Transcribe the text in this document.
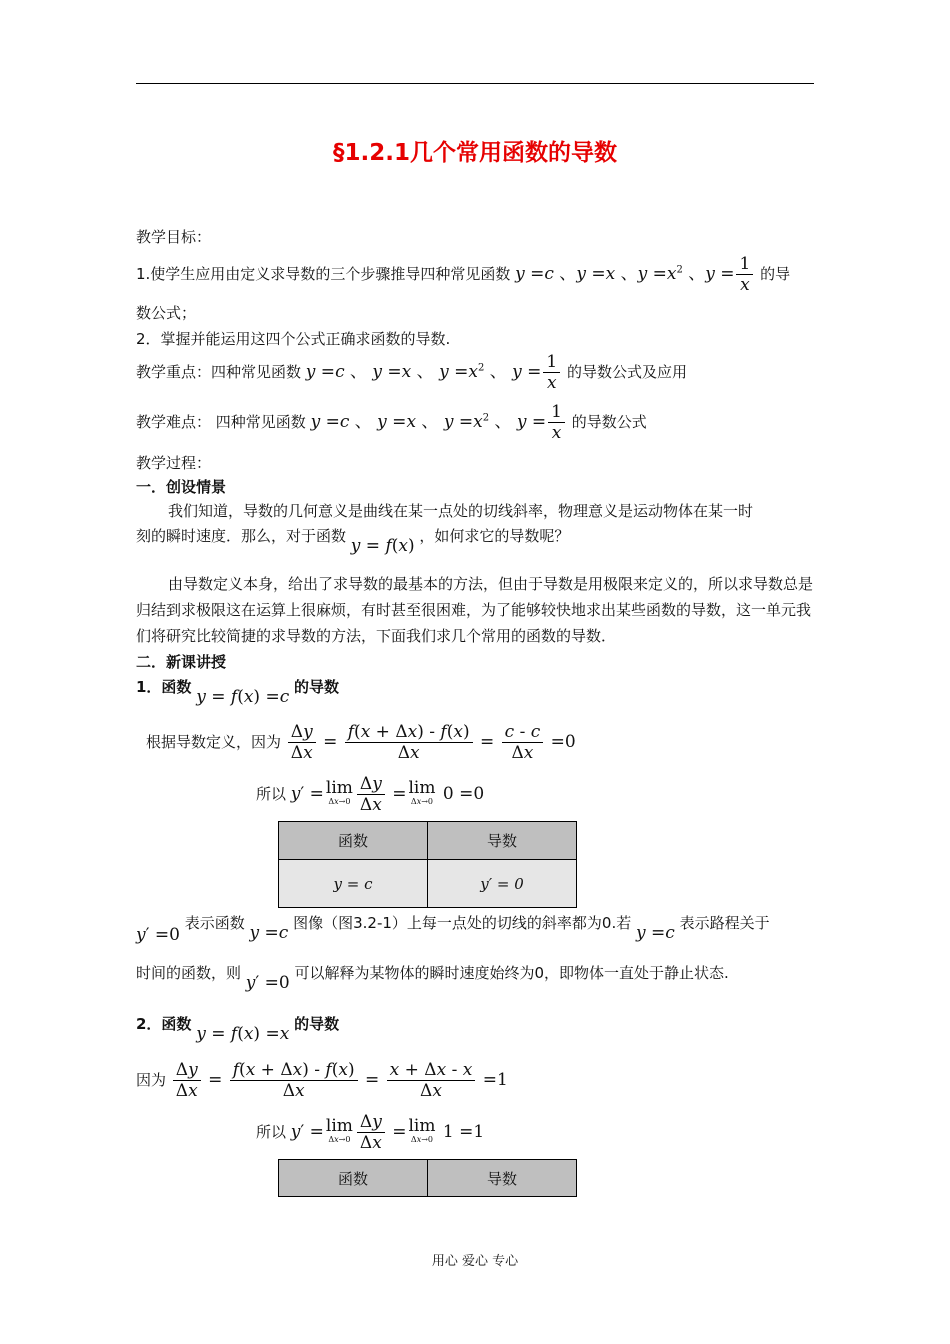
§1.2.1几个常用函数的导数
教学目标：
1.使学生应用由定义求导数的三个步骤推导四种常见函数 y =c 、y =x 、$y =x^2$ 、$y = \frac{1}{x}$ 的导
数公式；
2．掌握并能运用这四个公式正确求函数的导数.
教学重点：四种常见函数 y =c 、 y =x 、 $y =x^2$ 、 $y = \frac{1}{x}$ 的导数公式及应用
教学难点： 四种常见函数 y =c 、 y =x 、 $y =x^2$ 、 $y = \frac{1}{x}$ 的导数公式
教学过程：
一．创设情景
我们知道，导数的几何意义是曲线在某一点处的切线斜率，物理意义是运动物体在某一时
刻的瞬时速度．那么，对于函数 y = f(x) ，如何求它的导数呢？
由导数定义本身，给出了求导数的最基本的方法，但由于导数是用极限来定义的，所以求导数总是归结到求极限这在运算上很麻烦，有时甚至很困难，为了能够较快地求出某些函数的导数，这一单元我们将研究比较简捷的求导数的方法，下面我们求几个常用的函数的导数．
二．新课讲授
1．函数 y = f(x) =c 的导数
根据导数定义，因为 $\frac{\Delta y}{\Delta x} = \frac{f(x + \Delta x) - f(x)}{\Delta x} = \frac{c - c}{\Delta x} =0$
所以 y′ = lim
$\Delta x\to 0 \frac{\Delta y}{\Delta x} = \lim$
Δx→0 0 =0
函数	导数
y = c	y′ = 0
y′ =0 表示函数 y =c 图像（图3.2-1）上每一点处的切线的斜率都为0.若 y =c 表示路程关于
时间的函数，则 y′ =0 可以解释为某物体的瞬时速度始终为0，即物体一直处于静止状态.
2．函数 y = f(x) =x 的导数
因为 $\frac{\Delta y}{\Delta x} = \frac{f(x + \Delta x) - f(x)}{\Delta x} = \frac{x + \Delta x - x}{\Delta x} =1$
所以 y′ = lim
$\Delta x\to 0 \frac{\Delta y}{\Delta x} = \lim$
Δx→0 1 =1
函数	导数
用心 爱心 专心
